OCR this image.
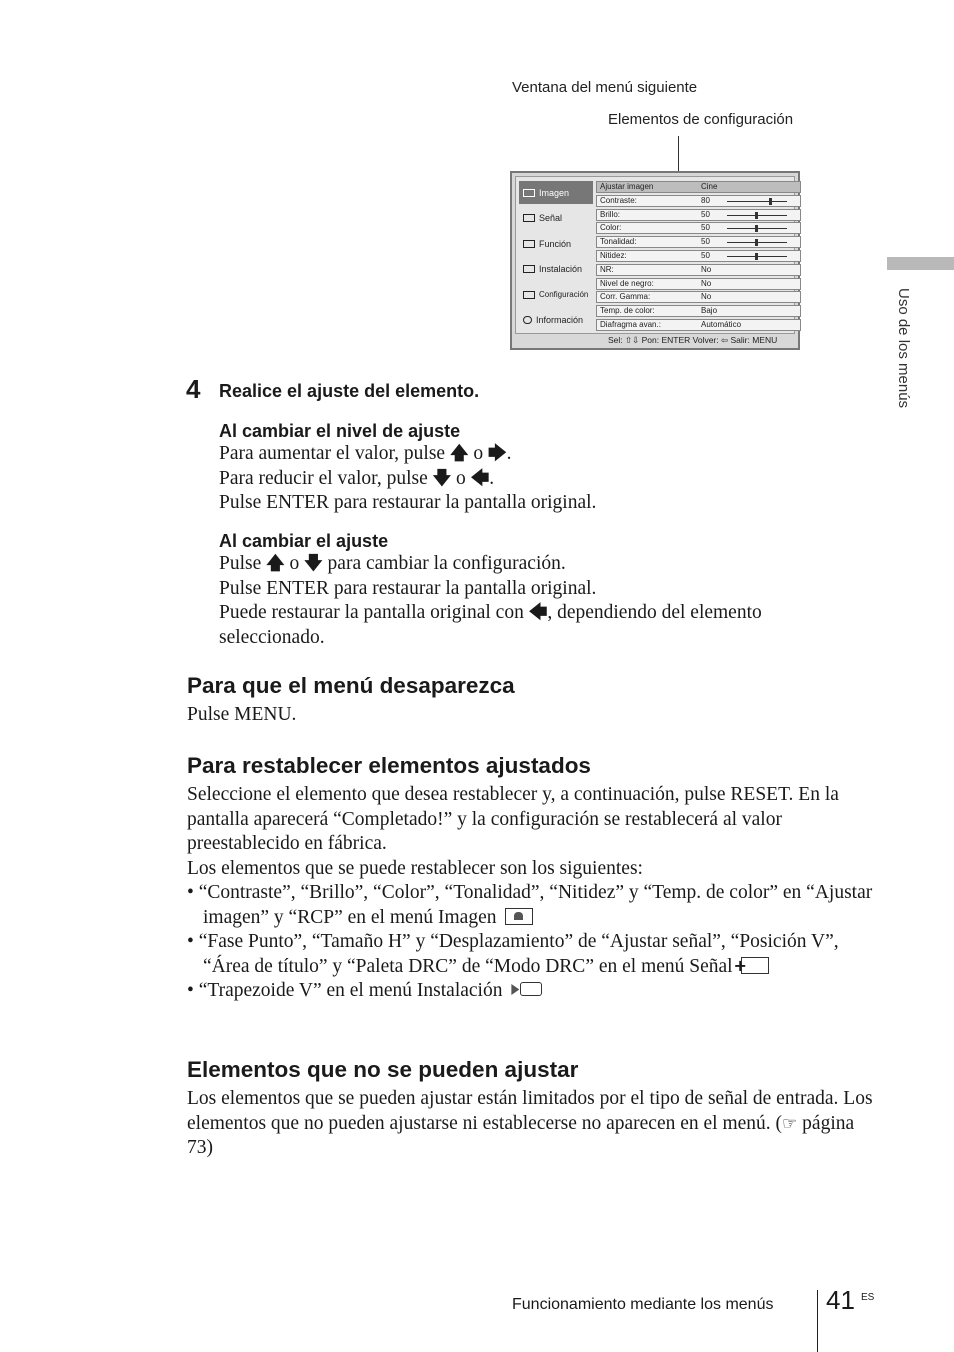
Ventana del menú siguiente
Elementos de configuración
Uso de los menús
Imagen
Señal
Función
Instalación
Configuración
Información
Ajustar imagen	Cine
Contraste:	80
Brillo:	50
Color:	50
Tonalidad:	50
Nitidez:	50
NR:	No
Nivel de negro:	No
Corr. Gamma:	No
Temp. de color:	Bajo
Diafragma avan.:	Automático
Sel: ⇧⇩ Pon: ENTER Volver: ⇦ Salir: MENU
4 Realice el ajuste del elemento.
Al cambiar el nivel de ajuste
Para aumentar el valor, pulse 🡅 o 🡆.
Para reducir el valor, pulse 🡇 o 🡄.
Pulse ENTER para restaurar la pantalla original.
Al cambiar el ajuste
Pulse 🡅 o 🡇 para cambiar la configuración.
Pulse ENTER para restaurar la pantalla original.
Puede restaurar la pantalla original con 🡄, dependiendo del elemento seleccionado.
Para que el menú desaparezca
Pulse MENU.
Para restablecer elementos ajustados
Seleccione el elemento que desea restablecer y, a continuación, pulse RESET. En la pantalla aparecerá “Completado!” y la configuración se restablecerá al valor preestablecido en fábrica.
Los elementos que se puede restablecer son los siguientes:
• “Contraste”, “Brillo”, “Color”, “Tonalidad”, “Nitidez” y “Temp. de color” en “Ajustar imagen” y “RCP” en el menú Imagen
• “Fase Punto”, “Tamaño H” y “Desplazamiento” de “Ajustar señal”, “Posición V”, “Área de título” y “Paleta DRC” de “Modo DRC” en el menú Señal +
• “Trapezoide V” en el menú Instalación
Elementos que no se pueden ajustar
Los elementos que se pueden ajustar están limitados por el tipo de señal de entrada. Los elementos que no pueden ajustarse ni establecerse no aparecen en el menú. (☞ página 73)
Funcionamiento mediante los menús 41 ES
